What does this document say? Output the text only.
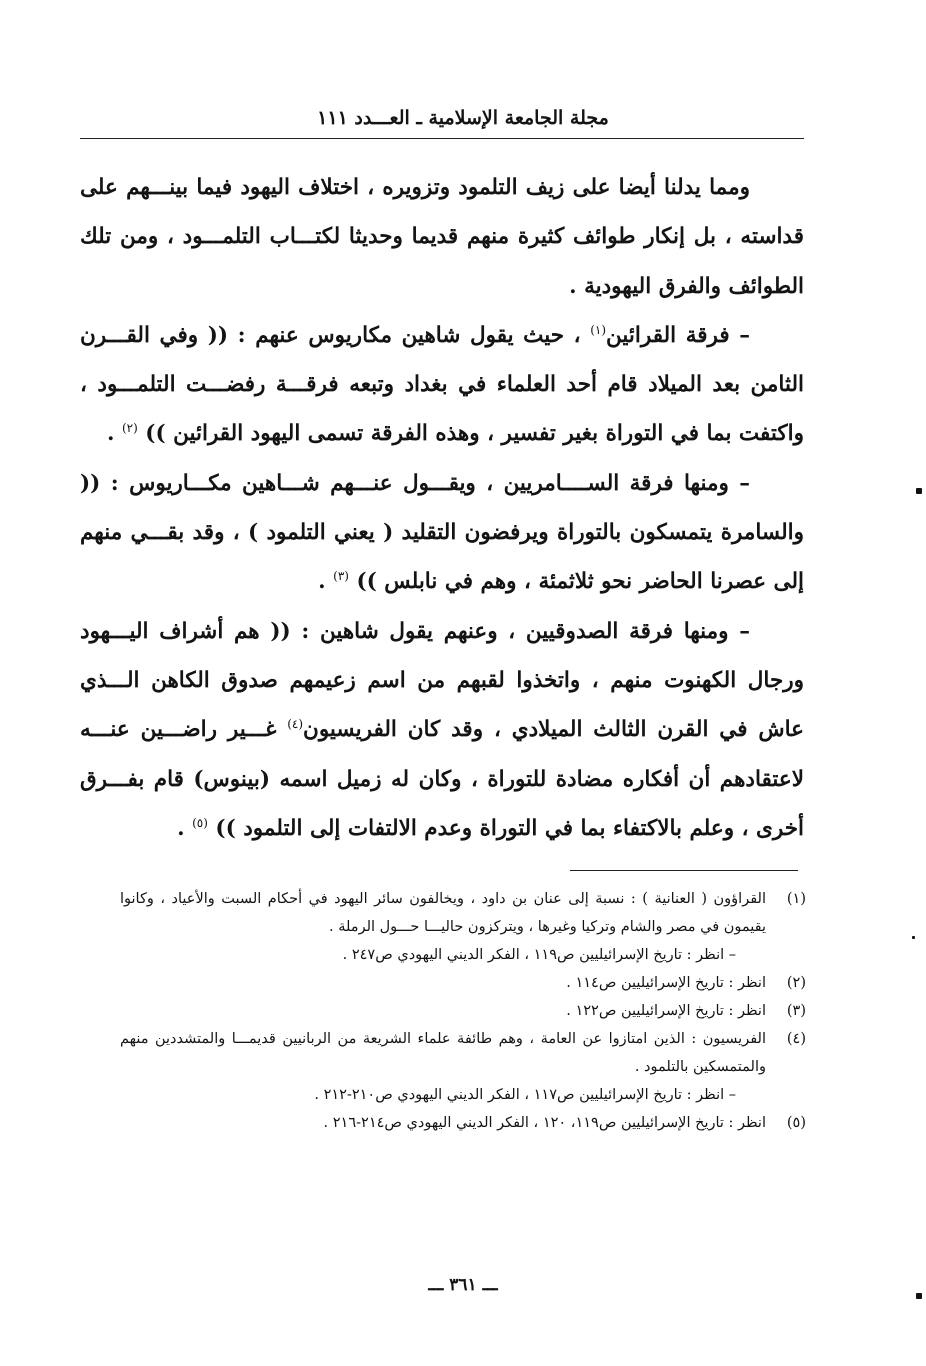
مجلة الجامعة الإسلامية ـ العـــدد ١١١

ومما يدلنا أيضا على زيف التلمود وتزويره ، اختلاف اليهود فيما بينـــهم على قداسته ، بل إنكار طوائف كثيرة منهم قديما وحديثا لكتـــاب التلمـــود ، ومن تلك الطوائف والفرق اليهودية .

– فرقة القرائين$^{(١)}$ ، حيث يقول شاهين مكاريوس عنهم : (( وفي القـــرن الثامن بعد الميلاد قام أحد العلماء في بغداد وتبعه فرقـــة رفضـــت التلمـــود ، واكتفت بما في التوراة بغير تفسير ، وهذه الفرقة تسمى اليهود القرائين )) $^{(٢)}$ .

– ومنها فرقة الســــامريين ، ويقـــول عنـــهم شـــاهين مكـــاريوس : (( والسامرة يتمسكون بالتوراة ويرفضون التقليد ( يعني التلمود ) ، وقد بقـــي منهم إلى عصرنا الحاضر نحو ثلاثمئة ، وهم في نابلس )) $^{(٣)}$ .

– ومنها فرقة الصدوقيين ، وعنهم يقول شاهين : (( هم أشراف اليـــهود ورجال الكهنوت منهم ، واتخذوا لقبهم من اسم زعيمهم صدوق الكاهن الـــذي عاش في القرن الثالث الميلادي ، وقد كان الفريسيون$^{(٤)}$ غـــير راضـــين عنـــه لاعتقادهم أن أفكاره مضادة للتوراة ، وكان له زميل اسمه (بينوس) قام بفـــرق أخرى ، وعلم بالاكتفاء بما في التوراة وعدم الالتفات إلى التلمود )) $^{(٥)}$ .

(١)
القراؤون ( العنانية ) : نسبة إلى عنان بن داود ، ويخالفون سائر اليهود في أحكام السبت والأعياد ، وكانوا يقيمون في مصر والشام وتركيا وغيرها ، ويتركزون حاليـــا حـــول الرملة .
– انظر : تاريخ الإسرائيليين ص١١٩ ، الفكر الديني اليهودي ص٢٤٧ .
(٢)
انظر : تاريخ الإسرائيليين ص١١٤ .
(٣)
انظر : تاريخ الإسرائيليين ص١٢٢ .
(٤)
الفريسيون : الذين امتازوا عن العامة ، وهم طائفة علماء الشريعة من الربانيين قديمـــا والمتشددين منهم والمتمسكين بالتلمود .
– انظر : تاريخ الإسرائيليين ص١١٧ ، الفكر الديني اليهودي ص٢١٠-٢١٢ .
(٥)
انظر : تاريخ الإسرائيليين ص١١٩، ١٢٠ ، الفكر الديني اليهودي ص٢١٤-٢١٦ .
ـــ ٣٦١ ـــ
